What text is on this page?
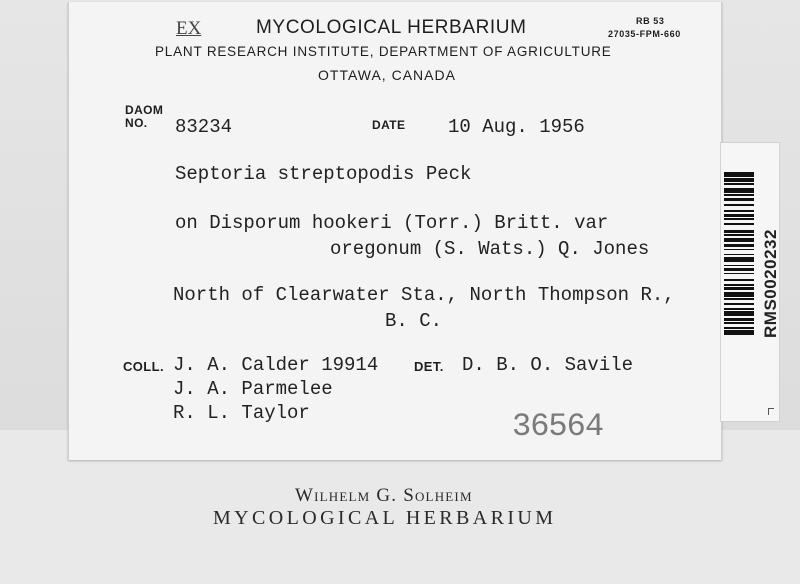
EX	MYCOLOGICAL HERBARIUM	RB 53
27035-FPM-660
PLANT RESEARCH INSTITUTE, DEPARTMENT OF AGRICULTURE
OTTAWA, CANADA
DAOM
NO. 83234	DATE 10 Aug. 1956
Septoria streptopodis Peck
on Disporum hookeri (Torr.) Britt. var
oregonum (S. Wats.) Q. Jones
North of Clearwater Sta., North Thompson R.,
B. C.
COLL. J. A. Calder 19914	DET. D. B. O. Savile
J. A. Parmelee
R. L. Taylor	36564
RMS0020232
Wilhelm G. Solheim
MYCOLOGICAL HERBARIUM
